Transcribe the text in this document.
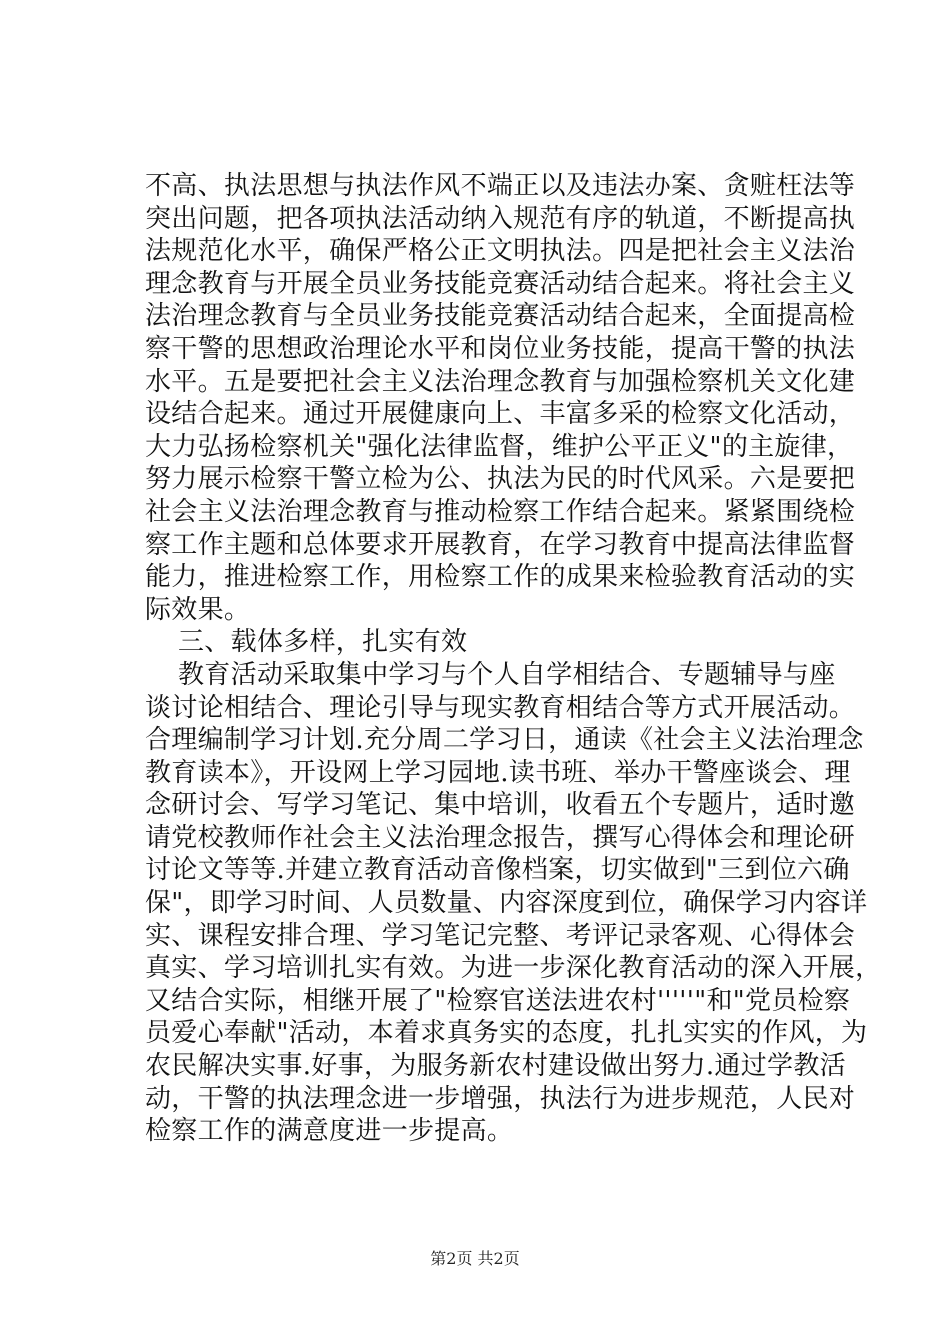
不高、执法思想与执法作风不端正以及违法办案、贪赃枉法等
突出问题，把各项执法活动纳入规范有序的轨道，不断提高执
法规范化水平，确保严格公正文明执法。四是把社会主义法治
理念教育与开展全员业务技能竞赛活动结合起来。将社会主义
法治理念教育与全员业务技能竞赛活动结合起来，全面提高检
察干警的思想政治理论水平和岗位业务技能，提高干警的执法
水平。五是要把社会主义法治理念教育与加强检察机关文化建
设结合起来。通过开展健康向上、丰富多采的检察文化活动，
大力弘扬检察机关"强化法律监督，维护公平正义"的主旋律，
努力展示检察干警立检为公、执法为民的时代风采。六是要把
社会主义法治理念教育与推动检察工作结合起来。紧紧围绕检
察工作主题和总体要求开展教育，在学习教育中提高法律监督
能力，推进检察工作，用检察工作的成果来检验教育活动的实
际效果。
三、载体多样，扎实有效
教育活动采取集中学习与个人自学相结合、专题辅导与座
谈讨论相结合、理论引导与现实教育相结合等方式开展活动。
合理编制学习计划.充分周二学习日，通读《社会主义法治理念
教育读本》，开设网上学习园地.读书班、举办干警座谈会、理
念研讨会、写学习笔记、集中培训，收看五个专题片，适时邀
请党校教师作社会主义法治理念报告，撰写心得体会和理论研
讨论文等等.并建立教育活动音像档案，切实做到"三到位六确
保"，即学习时间、人员数量、内容深度到位，确保学习内容详
实、课程安排合理、学习笔记完整、考评记录客观、心得体会
真实、学习培训扎实有效。为进一步深化教育活动的深入开展，
又结合实际，相继开展了"检察官送法进农村'''''"和"党员检察
员爱心奉献"活动，本着求真务实的态度，扎扎实实的作风，为
农民解决实事.好事，为服务新农村建设做出努力.通过学教活
动，干警的执法理念进一步增强，执法行为进步规范，人民对
检察工作的满意度进一步提高。
第2页 共2页
